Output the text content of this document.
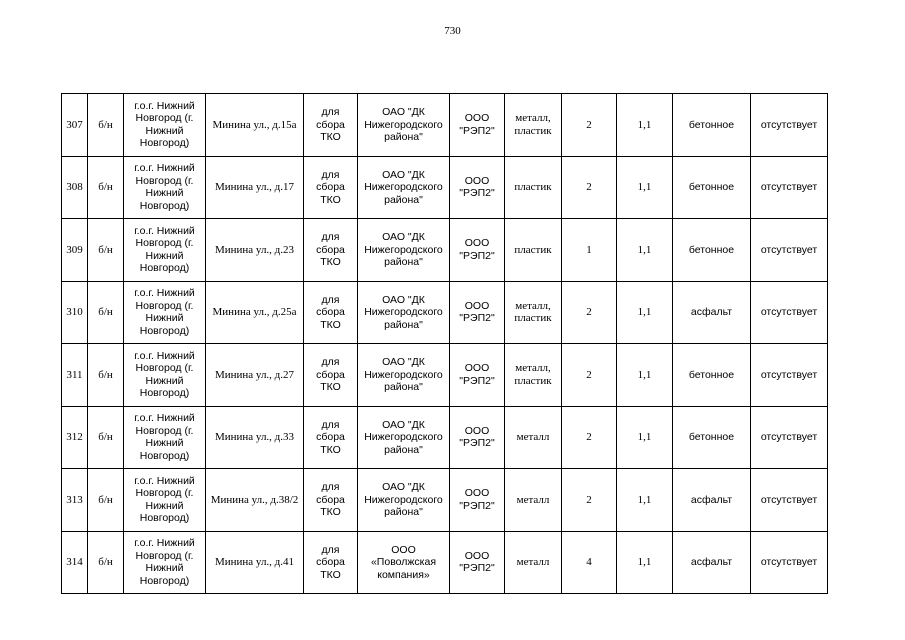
730
307	б/н	г.о.г. Нижний Новгород (г. Нижний Новгород)	Минина ул., д.15а	для сбора ТКО	ОАО "ДК Нижегородского района"	ООО "РЭП2"	металл, пластик	2	1,1	бетонное	отсутствует
308	б/н	г.о.г. Нижний Новгород (г. Нижний Новгород)	Минина ул., д.17	для сбора ТКО	ОАО "ДК Нижегородского района"	ООО "РЭП2"	пластик	2	1,1	бетонное	отсутствует
309	б/н	г.о.г. Нижний Новгород (г. Нижний Новгород)	Минина ул., д.23	для сбора ТКО	ОАО "ДК Нижегородского района"	ООО "РЭП2"	пластик	1	1,1	бетонное	отсутствует
310	б/н	г.о.г. Нижний Новгород (г. Нижний Новгород)	Минина ул., д.25а	для сбора ТКО	ОАО "ДК Нижегородского района"	ООО "РЭП2"	металл, пластик	2	1,1	асфальт	отсутствует
311	б/н	г.о.г. Нижний Новгород (г. Нижний Новгород)	Минина ул., д.27	для сбора ТКО	ОАО "ДК Нижегородского района"	ООО "РЭП2"	металл, пластик	2	1,1	бетонное	отсутствует
312	б/н	г.о.г. Нижний Новгород (г. Нижний Новгород)	Минина ул., д.33	для сбора ТКО	ОАО "ДК Нижегородского района"	ООО "РЭП2"	металл	2	1,1	бетонное	отсутствует
313	б/н	г.о.г. Нижний Новгород (г. Нижний Новгород)	Минина ул., д.38/2	для сбора ТКО	ОАО "ДК Нижегородского района"	ООО "РЭП2"	металл	2	1,1	асфальт	отсутствует
314	б/н	г.о.г. Нижний Новгород (г. Нижний Новгород)	Минина ул., д.41	для сбора ТКО	ООО «Поволжская компания»	ООО "РЭП2"	металл	4	1,1	асфальт	отсутствует
